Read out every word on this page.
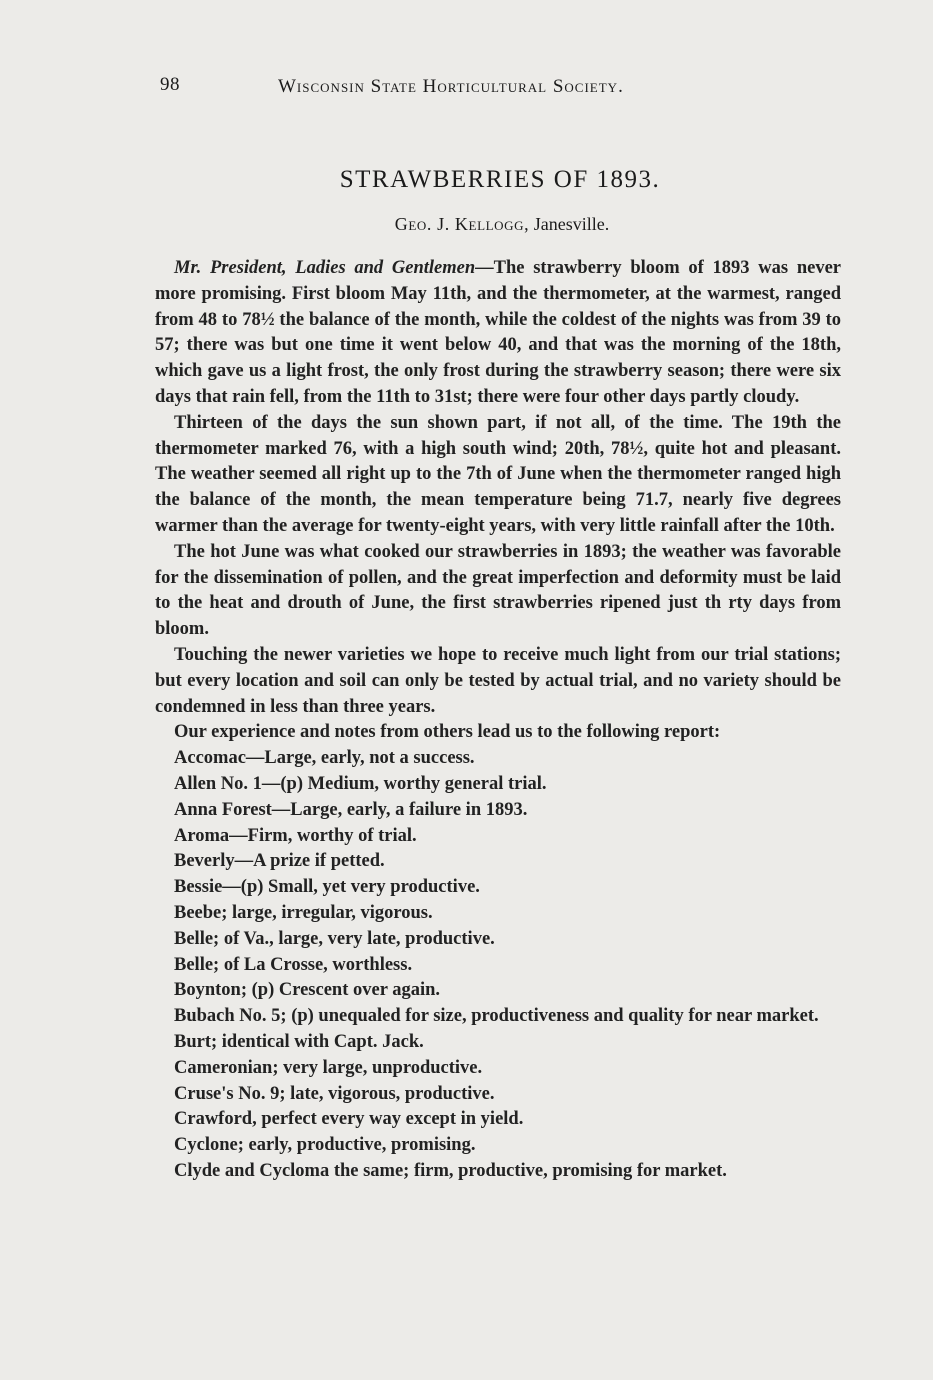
98	Wisconsin State Horticultural Society.
STRAWBERRIES OF 1893.
Geo. J. Kellogg, Janesville.

Mr. President, Ladies and Gentlemen—The strawberry bloom of 1893 was never more promising. First bloom May 11th, and the thermometer, at the warmest, ranged from 48 to 78½ the balance of the month, while the coldest of the nights was from 39 to 57; there was but one time it went below 40, and that was the morning of the 18th, which gave us a light frost, the only frost during the strawberry season; there were six days that rain fell, from the 11th to 31st; there were four other days partly cloudy.

Thirteen of the days the sun shown part, if not all, of the time. The 19th the thermometer marked 76, with a high south wind; 20th, 78½, quite hot and pleasant. The weather seemed all right up to the 7th of June when the thermometer ranged high the balance of the month, the mean temperature being 71.7, nearly five degrees warmer than the average for twenty-eight years, with very little rainfall after the 10th.

The hot June was what cooked our strawberries in 1893; the weather was favorable for the dissemination of pollen, and the great imperfection and deformity must be laid to the heat and drouth of June, the first strawberries ripened just th rty days from bloom.

Touching the newer varieties we hope to receive much light from our trial stations; but every location and soil can only be tested by actual trial, and no variety should be condemned in less than three years.

Our experience and notes from others lead us to the following report:

Accomac—Large, early, not a success.

Allen No. 1—(p) Medium, worthy general trial.

Anna Forest—Large, early, a failure in 1893.

Aroma—Firm, worthy of trial.

Beverly—A prize if petted.

Bessie—(p) Small, yet very productive.

Beebe; large, irregular, vigorous.

Belle; of Va., large, very late, productive.

Belle; of La Crosse, worthless.

Boynton; (p) Crescent over again.

Bubach No. 5; (p) unequaled for size, productiveness and quality for near market.

Burt; identical with Capt. Jack.

Cameronian; very large, unproductive.

Cruse's No. 9; late, vigorous, productive.

Crawford, perfect every way except in yield.

Cyclone; early, productive, promising.

Clyde and Cycloma the same; firm, productive, promising for market.
